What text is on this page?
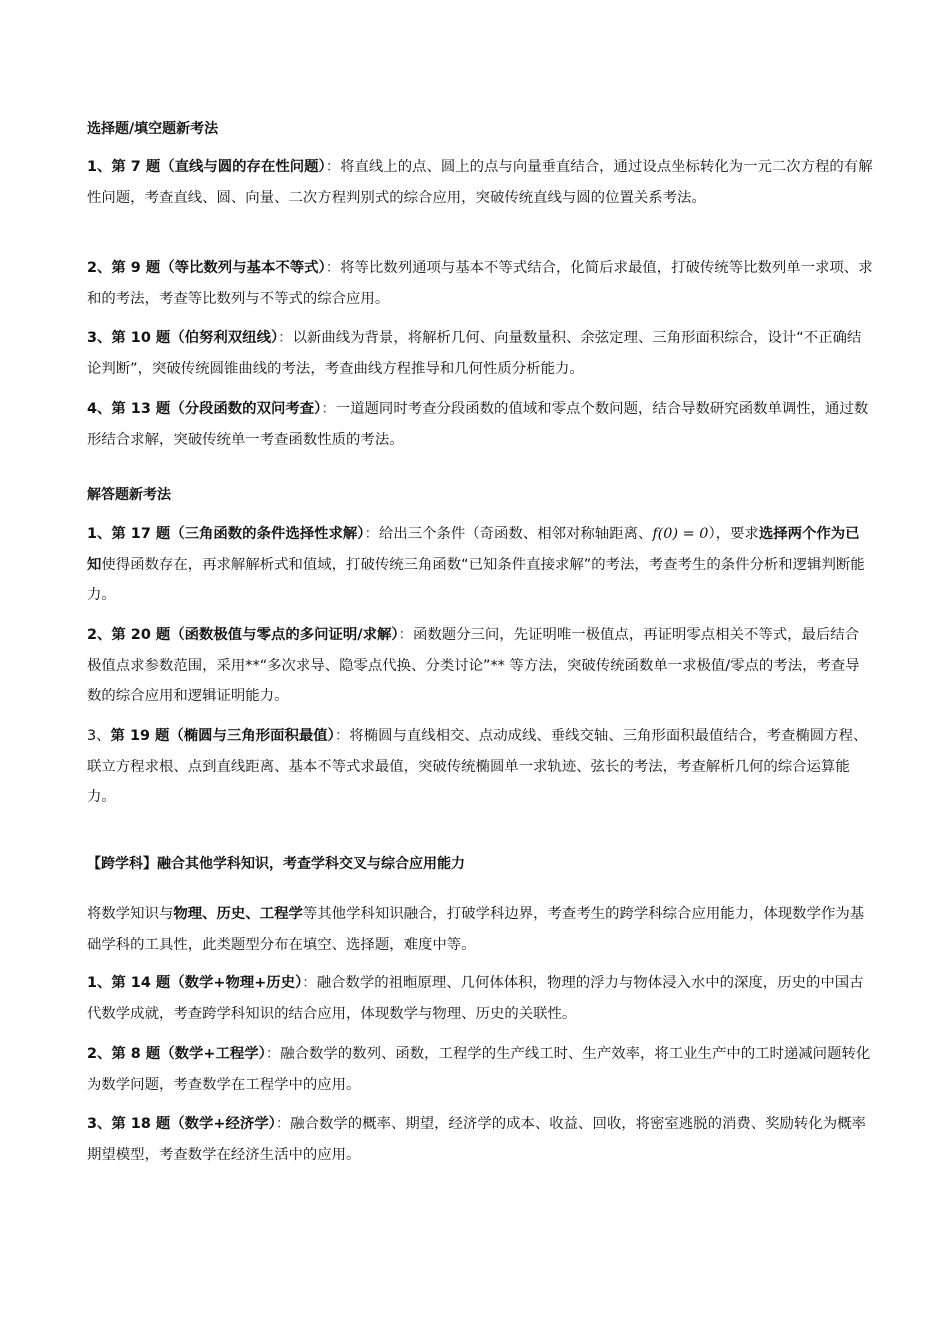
选择题/填空题新考法
1、第 7 题（直线与圆的存在性问题）：将直线上的点、圆上的点与向量垂直结合，通过设点坐标转化为一元二次方程的有解性问题，考查直线、圆、向量、二次方程判别式的综合应用，突破传统直线与圆的位置关系考法。
2、第 9 题（等比数列与基本不等式）：将等比数列通项与基本不等式结合，化简后求最值，打破传统等比数列单一求项、求和的考法，考查等比数列与不等式的综合应用。
3、第 10 题（伯努利双纽线）：以新曲线为背景，将解析几何、向量数量积、余弦定理、三角形面积综合，设计“不正确结论判断”，突破传统圆锥曲线的考法，考查曲线方程推导和几何性质分析能力。
4、第 13 题（分段函数的双问考查）：一道题同时考查分段函数的值域和零点个数问题，结合导数研究函数单调性，通过数形结合求解，突破传统单一考查函数性质的考法。
解答题新考法
1、第 17 题（三角函数的条件选择性求解）：给出三个条件（奇函数、相邻对称轴距离、f(0) = 0），要求选择两个作为已知使得函数存在，再求解解析式和值域，打破传统三角函数“已知条件直接求解”的考法，考查考生的条件分析和逻辑判断能力。
2、第 20 题（函数极值与零点的多问证明/求解）：函数题分三问，先证明唯一极值点，再证明零点相关不等式，最后结合极值点求参数范围，采用**“多次求导、隐零点代换、分类讨论”** 等方法，突破传统函数单一求极值/零点的考法，考查导数的综合应用和逻辑证明能力。
3、第 19 题（椭圆与三角形面积最值）：将椭圆与直线相交、点动成线、垂线交轴、三角形面积最值结合，考查椭圆方程、联立方程求根、点到直线距离、基本不等式求最值，突破传统椭圆单一求轨迹、弦长的考法，考查解析几何的综合运算能力。
【跨学科】融合其他学科知识，考查学科交叉与综合应用能力
将数学知识与物理、历史、工程学等其他学科知识融合，打破学科边界，考查考生的跨学科综合应用能力，体现数学作为基础学科的工具性，此类题型分布在填空、选择题，难度中等。
1、第 14 题（数学+物理+历史）：融合数学的祖暅原理、几何体体积，物理的浮力与物体浸入水中的深度，历史的中国古代数学成就，考查跨学科知识的结合应用，体现数学与物理、历史的关联性。
2、第 8 题（数学+工程学）：融合数学的数列、函数，工程学的生产线工时、生产效率，将工业生产中的工时递减问题转化为数学问题，考查数学在工程学中的应用。
3、第 18 题（数学+经济学）：融合数学的概率、期望，经济学的成本、收益、回收，将密室逃脱的消费、奖励转化为概率期望模型，考查数学在经济生活中的应用。
